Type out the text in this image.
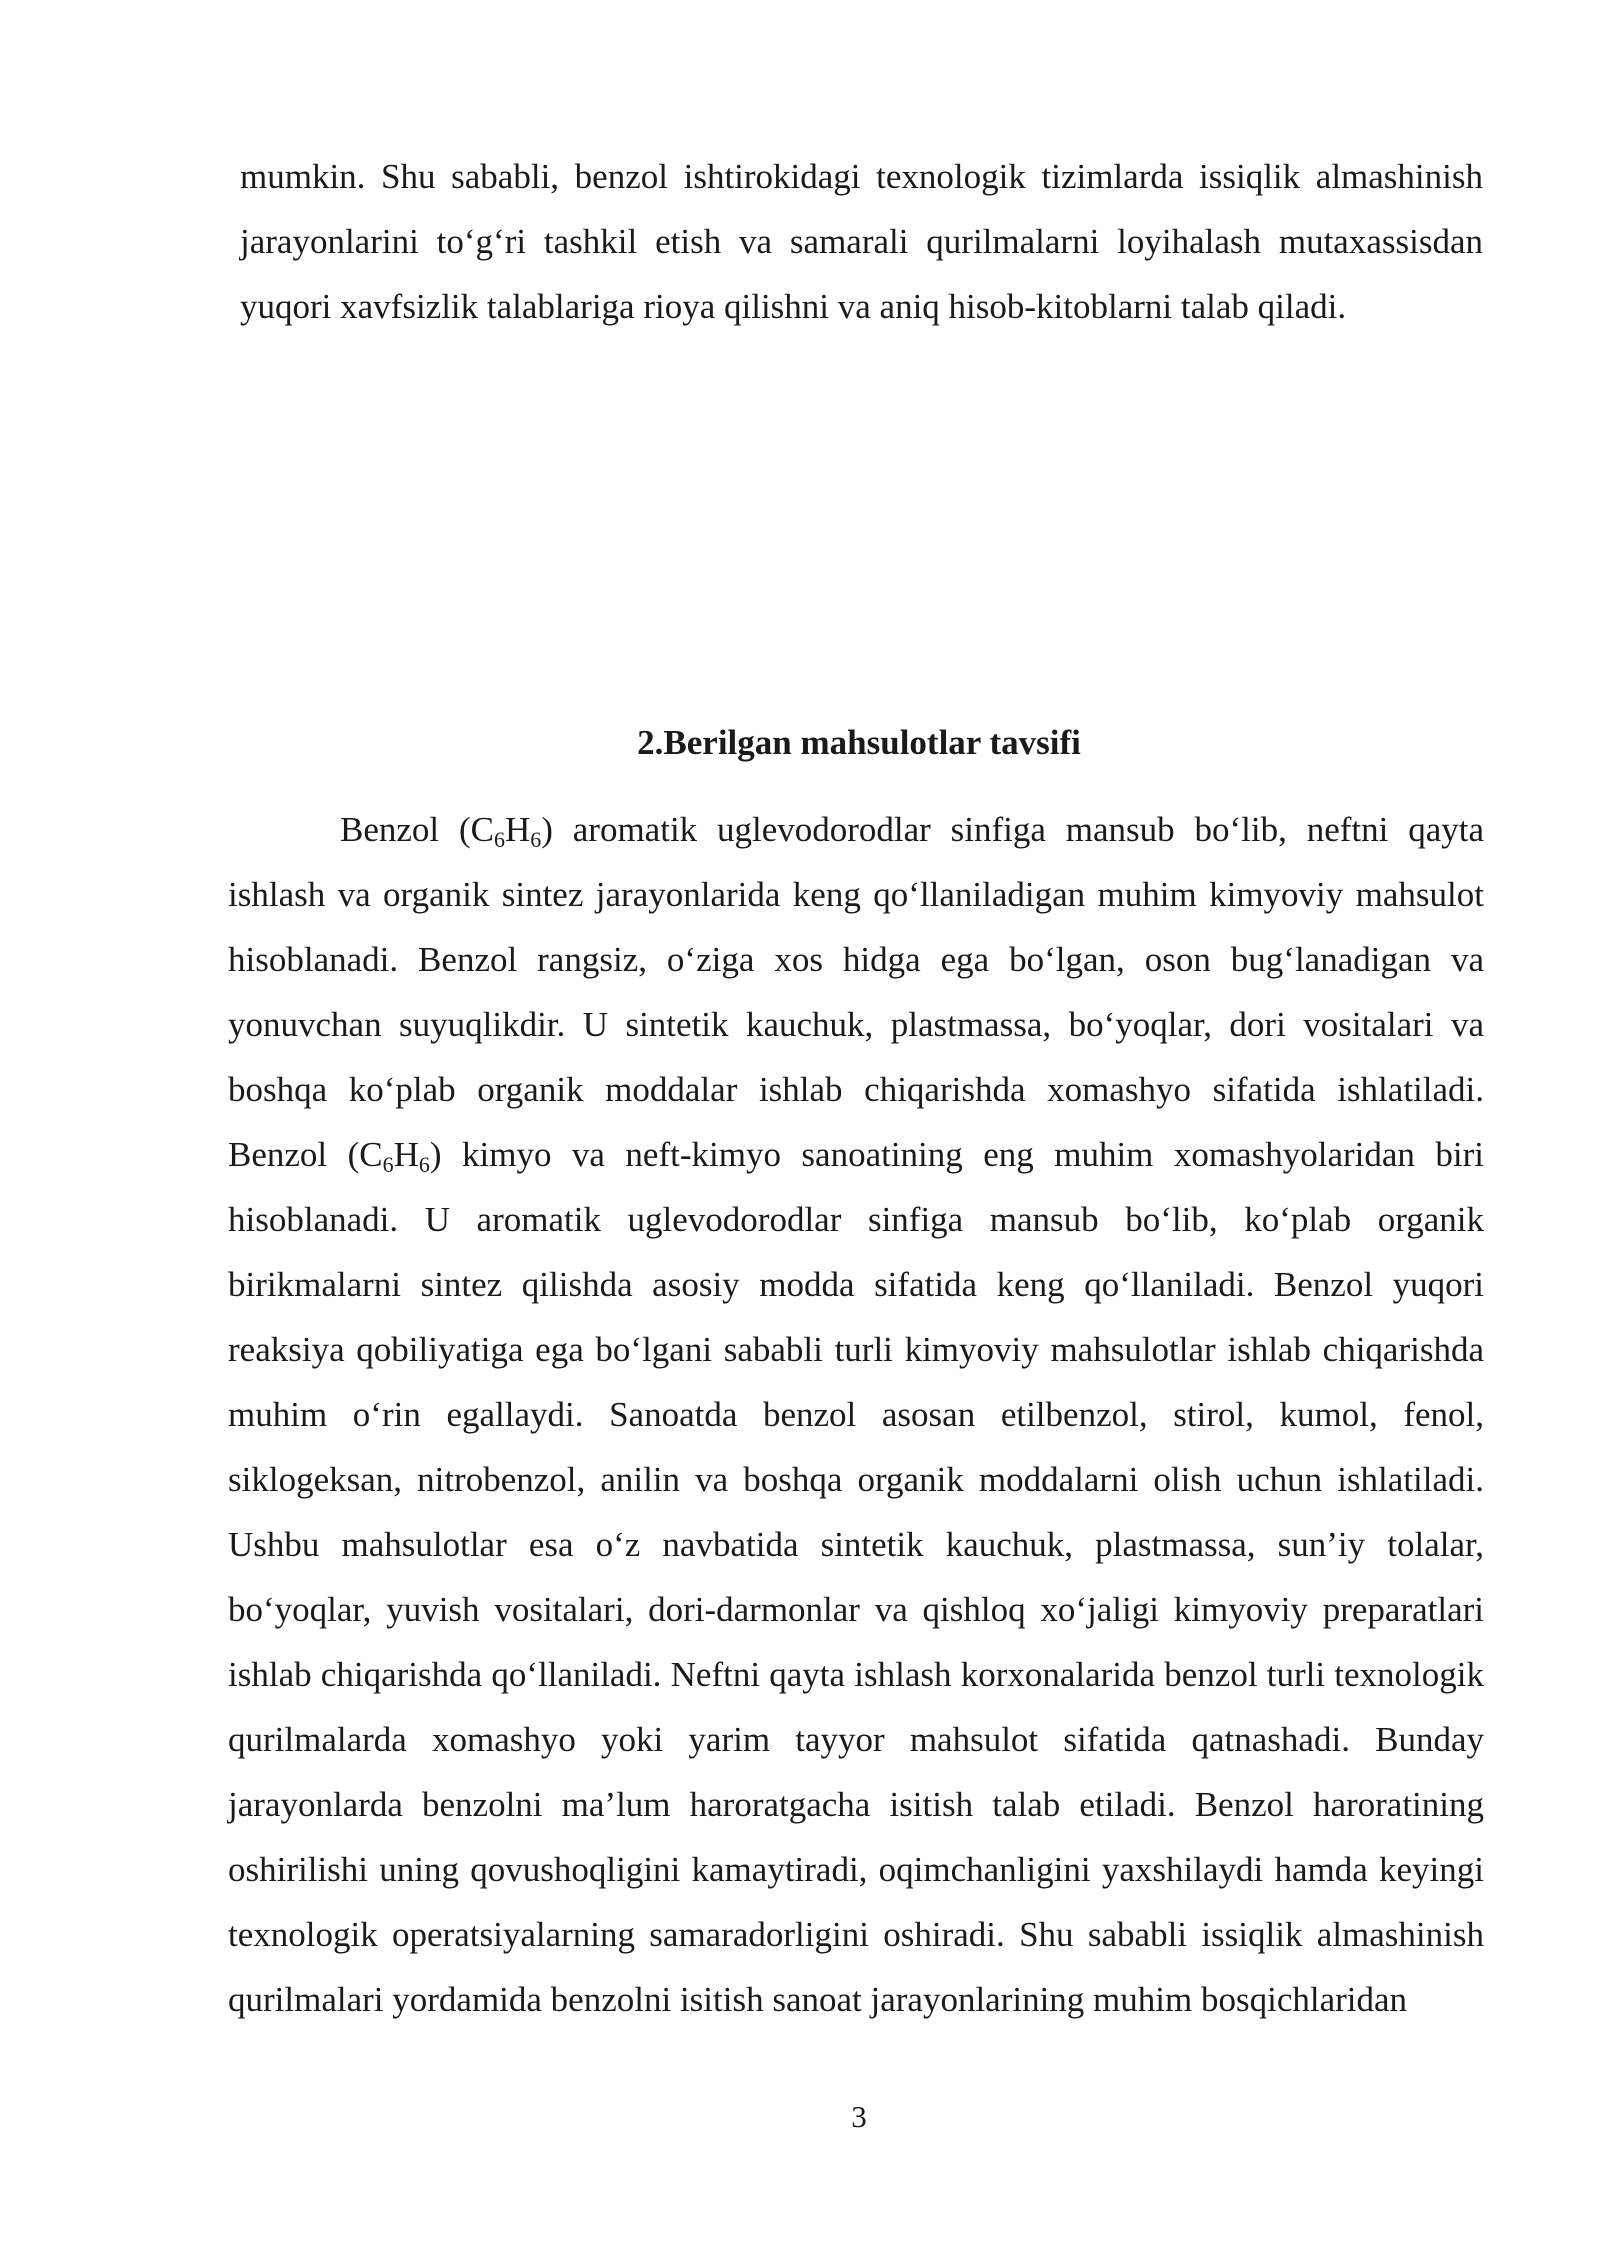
mumkin. Shu sababli, benzol ishtirokidagi texnologik tizimlarda issiqlik almashinish jarayonlarini to‘g‘ri tashkil etish va samarali qurilmalarni loyihalash mutaxassisdan yuqori xavfsizlik talablariga rioya qilishni va aniq hisob-kitoblarni talab qiladi.

2.Berilgan mahsulotlar tavsifi

Benzol $(C_6H_6)$ aromatik uglevodorodlar sinfiga mansub bo‘lib, neftni qayta ishlash va organik sintez jarayonlarida keng qo‘llaniladigan muhim kimyoviy mahsulot hisoblanadi. Benzol rangsiz, o‘ziga xos hidga ega bo‘lgan, oson bug‘lanadigan va yonuvchan suyuqlikdir. U sintetik kauchuk, plastmassa, bo‘yoqlar, dori vositalari va boshqa ko‘plab organik moddalar ishlab chiqarishda xomashyo sifatida ishlatiladi. Benzol $(C_6H_6)$ kimyo va neft-kimyo sanoatining eng muhim xomashyolaridan biri hisoblanadi. U aromatik uglevodorodlar sinfiga mansub bo‘lib, ko‘plab organik birikmalarni sintez qilishda asosiy modda sifatida keng qo‘llaniladi. Benzol yuqori reaksiya qobiliyatiga ega bo‘lgani sababli turli kimyoviy mahsulotlar ishlab chiqarishda muhim o‘rin egallaydi. Sanoatda benzol asosan etilbenzol, stirol, kumol, fenol, siklogeksan, nitrobenzol, anilin va boshqa organik moddalarni olish uchun ishlatiladi. Ushbu mahsulotlar esa o‘z navbatida sintetik kauchuk, plastmassa, sun’iy tolalar, bo‘yoqlar, yuvish vositalari, dori-darmonlar va qishloq xo‘jaligi kimyoviy preparatlari ishlab chiqarishda qo‘llaniladi. Neftni qayta ishlash korxonalarida benzol turli texnologik qurilmalarda xomashyo yoki yarim tayyor mahsulot sifatida qatnashadi. Bunday jarayonlarda benzolni ma’lum haroratgacha isitish talab etiladi. Benzol haroratining oshirilishi uning qovushoqligini kamaytiradi, oqimchanligini yaxshilaydi hamda keyingi texnologik operatsiyalarning samaradorligini oshiradi. Shu sababli issiqlik almashinish qurilmalari yordamida benzolni isitish sanoat jarayonlarining muhim bosqichlaridan

3
